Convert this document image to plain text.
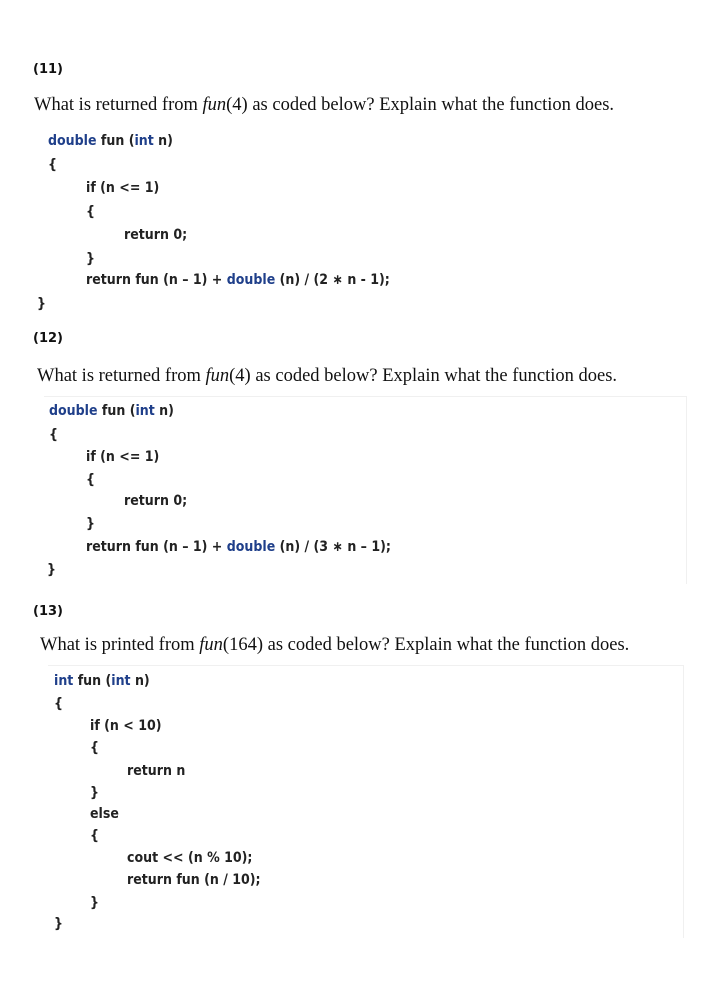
(11)
What is returned from fun(4) as coded below? Explain what the function does.
double fun (int n)
{
if (n <= 1)
{
return 0;
}
return fun (n – 1) + double (n) / (2 ∗ n - 1);
}
(12)
What is returned from fun(4) as coded below? Explain what the function does.
double fun (int n)
{
if (n <= 1)
{
return 0;
}
return fun (n – 1) + double (n) / (3 ∗ n – 1);
}
(13)
What is printed from fun(164) as coded below? Explain what the function does.
int fun (int n)
{
if (n < 10)
{
return n
}
else
{
cout << (n % 10);
return fun (n / 10);
}
}
